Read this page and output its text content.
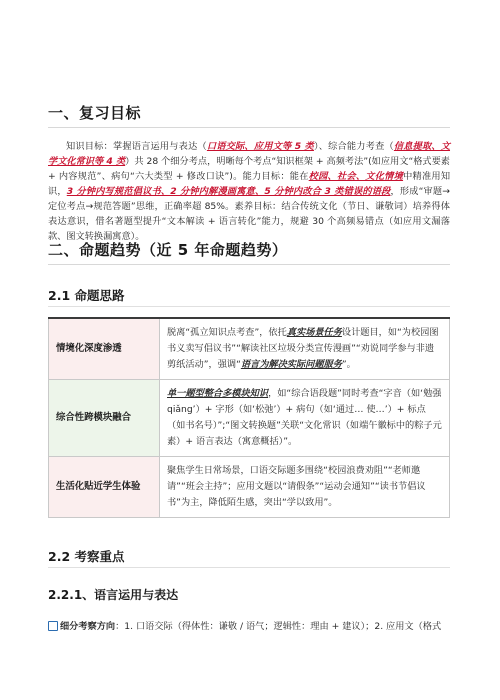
一、复习目标
知识目标：掌握语言运用与表达（口语交际、应用文等 5 类）、综合能力考查（信息提取、文学文化常识等 4 类）共 28 个细分考点，明晰每个考点“知识框架 + 高频考法”(如应用文“格式要素 + 内容规范”、病句“六大类型 + 修改口诀”)。能力目标：能在校园、社会、文化情境中精准用知识，3 分钟内写规范倡议书、2 分钟内解漫画寓意、5 分钟内改合 3 类错误的语段，形成“审题→定位考点→规范答题”思维，正确率超 85%。素养目标：结合传统文化（节日、谦敬词）培养得体表达意识，借名著题型提升“文本解读 + 语言转化”能力，规避 30 个高频易错点（如应用文漏落款、图文转换漏寓意）。
二、命题趋势（近 5 年命题趋势）
2.1 命题思路
情境化深度渗透	脱离“孤立知识点考查”，依托真实场景任务设计题目，如“为校园图书义卖写倡议书”“解读社区垃圾分类宣传漫画”“劝说同学参与非遗剪纸活动”，强调“语言为解决实际问题服务”。
综合性跨模块融合	单一题型整合多模块知识，如“综合语段题”同时考查“字音（如‘勉强 qiǎng’）+ 字形（如‘松弛’）+ 病句（如‘通过… 使…’）+ 标点（如书名号）”;“图文转换题”关联“文化常识（如端午徽标中的粽子元素）+ 语言表达（寓意概括）”。
生活化贴近学生体验	聚焦学生日常场景，口语交际题多围绕“校园浪费劝阻”“老师邀请”“班会主持”；应用文题以“请假条”“运动会通知”“读书节倡议书”为主，降低陌生感，突出“学以致用”。
2.2 考察重点
2.2.1、语言运用与表达
细分考察方向：1. 口语交际（得体性：谦敬 / 语气；逻辑性：理由 + 建议）；2. 应用文（格式
